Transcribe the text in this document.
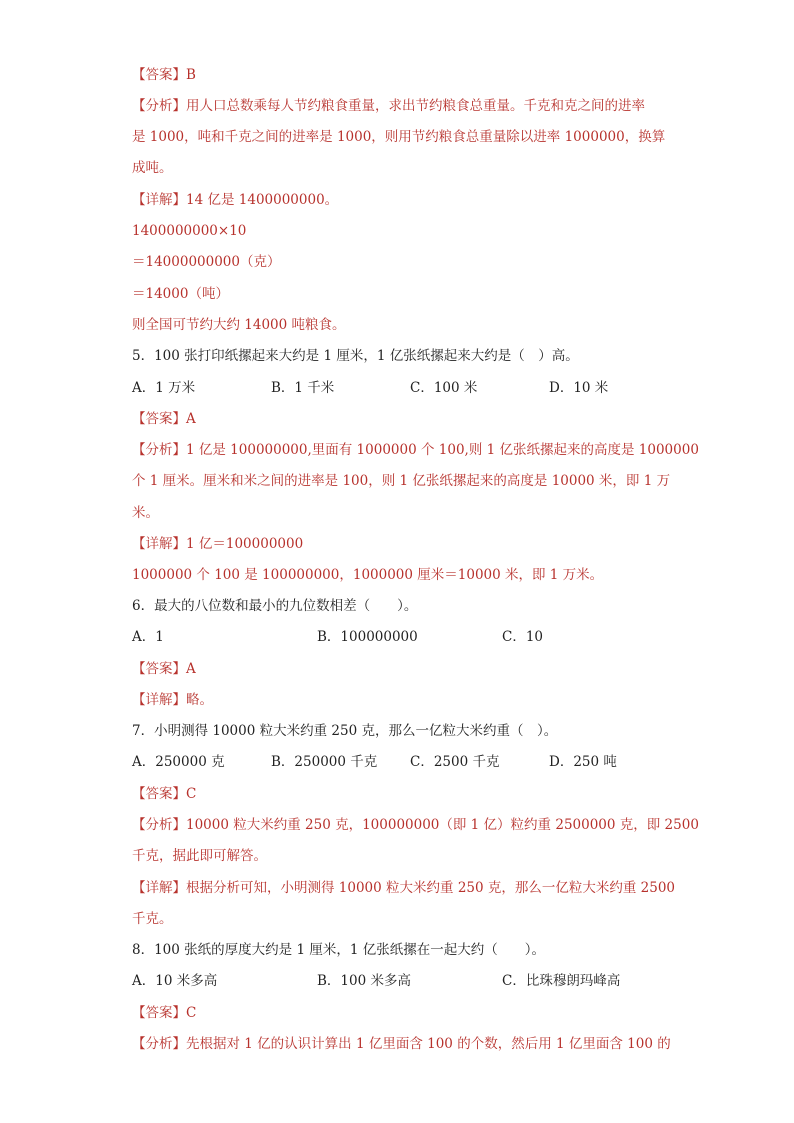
【答案】B
【分析】用人口总数乘每人节约粮食重量，求出节约粮食总重量。千克和克之间的进率
是 1000，吨和千克之间的进率是 1000，则用节约粮食总重量除以进率 1000000，换算
成吨。
【详解】14 亿是 1400000000。
1400000000×10
＝14000000000（克）
＝14000（吨）
则全国可节约大约 14000 吨粮食。
5．100 张打印纸摞起来大约是 1 厘米，1 亿张纸摞起来大约是（　）高。
A．1 万米	B．1 千米	C．100 米	D．10 米
【答案】A
【分析】1 亿是 100000000,里面有 1000000 个 100,则 1 亿张纸摞起来的高度是 1000000
个 1 厘米。厘米和米之间的进率是 100，则 1 亿张纸摞起来的高度是 10000 米，即 1 万
米。
【详解】1 亿＝100000000
1000000 个 100 是 100000000，1000000 厘米＝10000 米，即 1 万米。
6．最大的八位数和最小的九位数相差（　　）。
A．1	B．100000000	C．10
【答案】A
【详解】略。
7．小明测得 10000 粒大米约重 250 克，那么一亿粒大米约重（　）。
A．250000 克	B．250000 千克 C．2500 千克	D．250 吨
【答案】C
【分析】10000 粒大米约重 250 克，100000000（即 1 亿）粒约重 2500000 克，即 2500
千克，据此即可解答。
【详解】根据分析可知，小明测得 10000 粒大米约重 250 克，那么一亿粒大米约重 2500
千克。
8．100 张纸的厚度大约是 1 厘米，1 亿张纸摞在一起大约（　　）。
A．10 米多高	B．100 米多高	C．比珠穆朗玛峰高
【答案】C
【分析】先根据对 1 亿的认识计算出 1 亿里面含 100 的个数，然后用 1 亿里面含 100 的
